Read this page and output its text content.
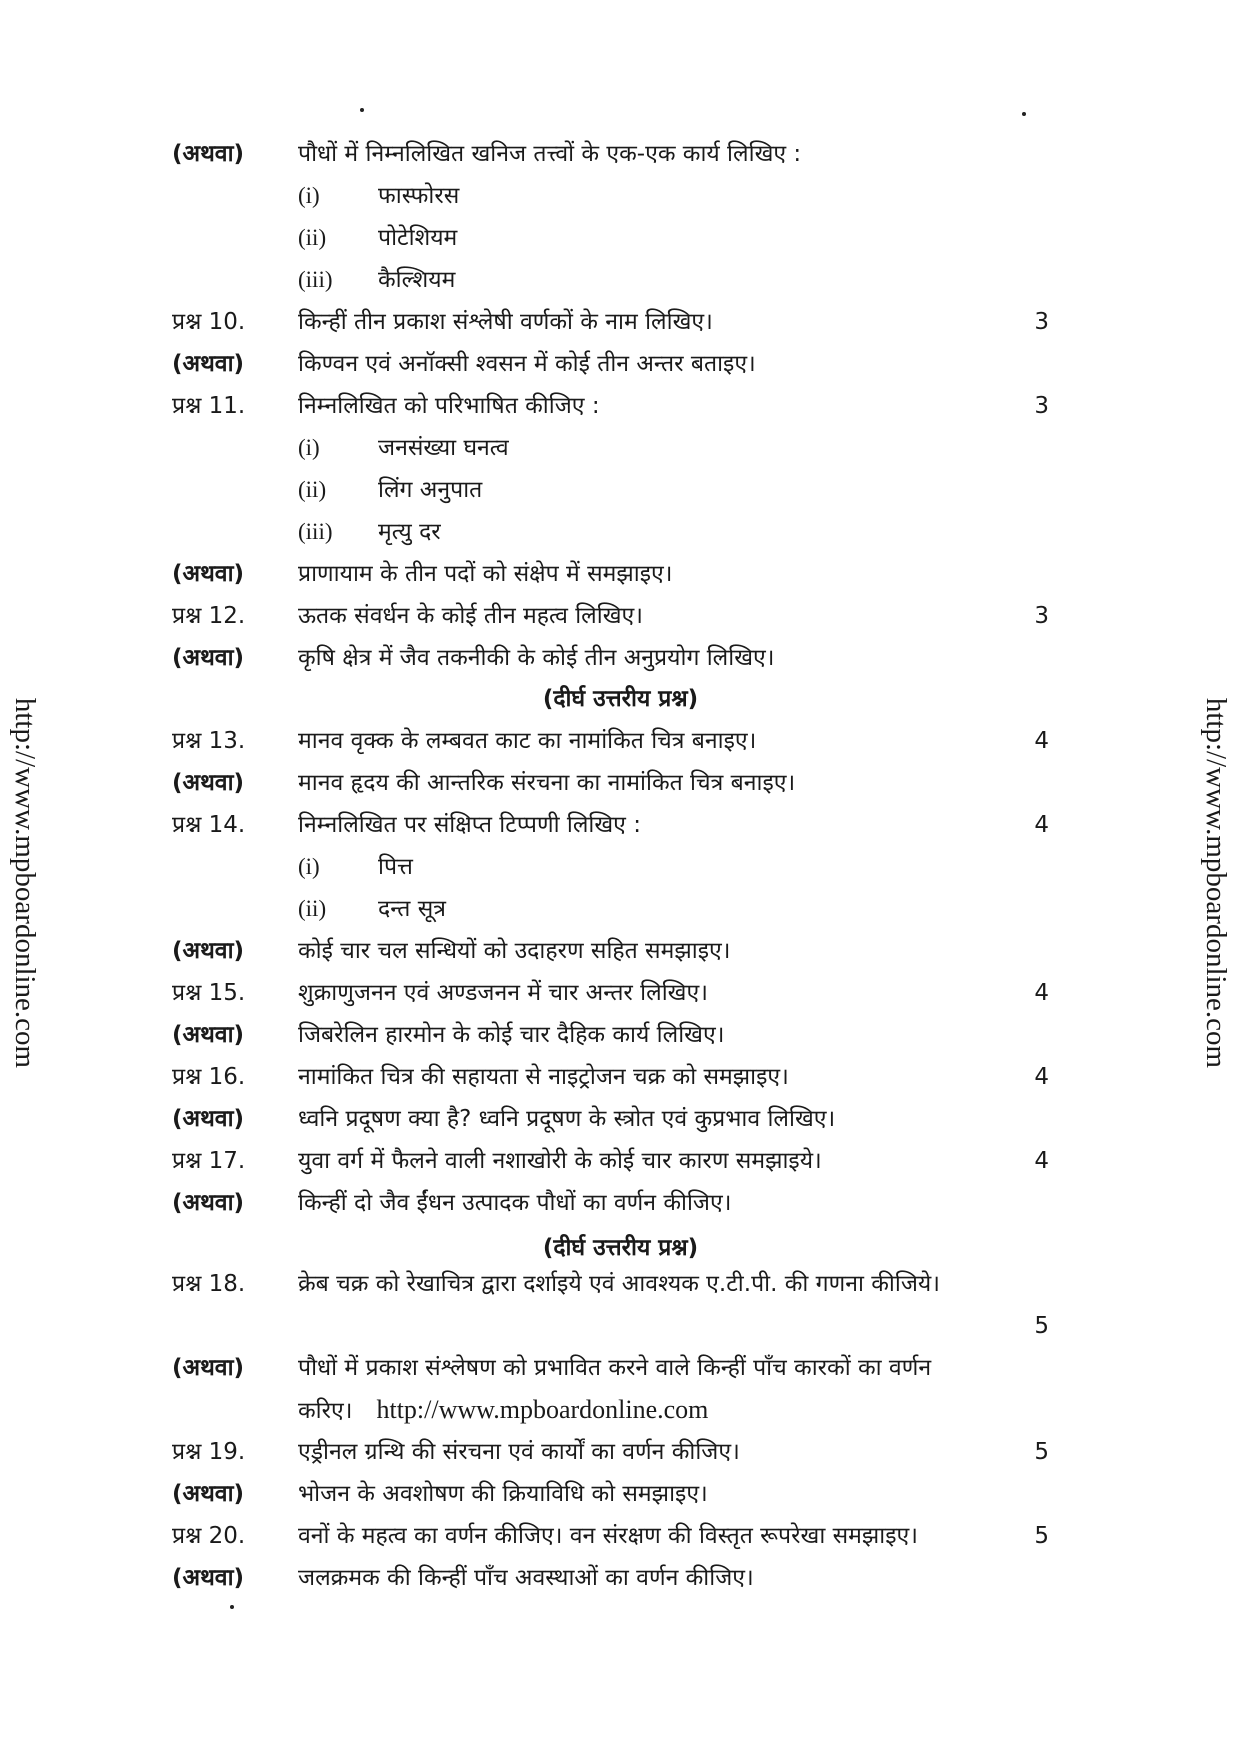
http://www.mpboardonline.com	http://www.mpboardonline.com
(अथवा) पौधों में निम्नलिखित खनिज तत्त्वों के एक-एक कार्य लिखिए :
(i)	फास्फोरस
(ii) पोटेशियम
(iii) कैल्शियम
प्रश्न 10. किन्हीं तीन प्रकाश संश्लेषी वर्णकों के नाम लिखिए।	3
(अथवा) किण्वन एवं अनॉक्सी श्वसन में कोई तीन अन्तर बताइए।
प्रश्न 11. निम्नलिखित को परिभाषित कीजिए :	3
(i)	जनसंख्या घनत्व
(ii) लिंग अनुपात
(iii) मृत्यु दर
(अथवा) प्राणायाम के तीन पदों को संक्षेप में समझाइए।
प्रश्न 12. ऊतक संवर्धन के कोई तीन महत्व लिखिए।	3
(अथवा) कृषि क्षेत्र में जैव तकनीकी के कोई तीन अनुप्रयोग लिखिए।
(दीर्घ उत्तरीय प्रश्न)
प्रश्न 13. मानव वृक्क के लम्बवत काट का नामांकित चित्र बनाइए।	4
(अथवा) मानव हृदय की आन्तरिक संरचना का नामांकित चित्र बनाइए।
प्रश्न 14. निम्नलिखित पर संक्षिप्त टिप्पणी लिखिए :	4
(i)	पित्त
(ii) दन्त सूत्र
(अथवा) कोई चार चल सन्धियों को उदाहरण सहित समझाइए।
प्रश्न 15. शुक्राणुजनन एवं अण्डजनन में चार अन्तर लिखिए।	4
(अथवा) जिबरेलिन हारमोन के कोई चार दैहिक कार्य लिखिए।
प्रश्न 16. नामांकित चित्र की सहायता से नाइट्रोजन चक्र को समझाइए।	4
(अथवा) ध्वनि प्रदूषण क्या है? ध्वनि प्रदूषण के स्त्रोत एवं कुप्रभाव लिखिए।
प्रश्न 17. युवा वर्ग में फैलने वाली नशाखोरी के कोई चार कारण समझाइये।	4
(अथवा) किन्हीं दो जैव ईंधन उत्पादक पौधों का वर्णन कीजिए।
(दीर्घ उत्तरीय प्रश्न)
प्रश्न 18. क्रेब चक्र को रेखाचित्र द्वारा दर्शाइये एवं आवश्यक ए.टी.पी. की गणना कीजिये।
5
(अथवा) पौधों में प्रकाश संश्लेषण को प्रभावित करने वाले किन्हीं पाँच कारकों का वर्णन
करिए। http://www.mpboardonline.com
प्रश्न 19. एड्रीनल ग्रन्थि की संरचना एवं कार्यों का वर्णन कीजिए।	5
(अथवा) भोजन के अवशोषण की क्रियाविधि को समझाइए।
प्रश्न 20. वनों के महत्व का वर्णन कीजिए। वन संरक्षण की विस्तृत रूपरेखा समझाइए।	5
(अथवा) जलक्रमक की किन्हीं पाँच अवस्थाओं का वर्णन कीजिए।
